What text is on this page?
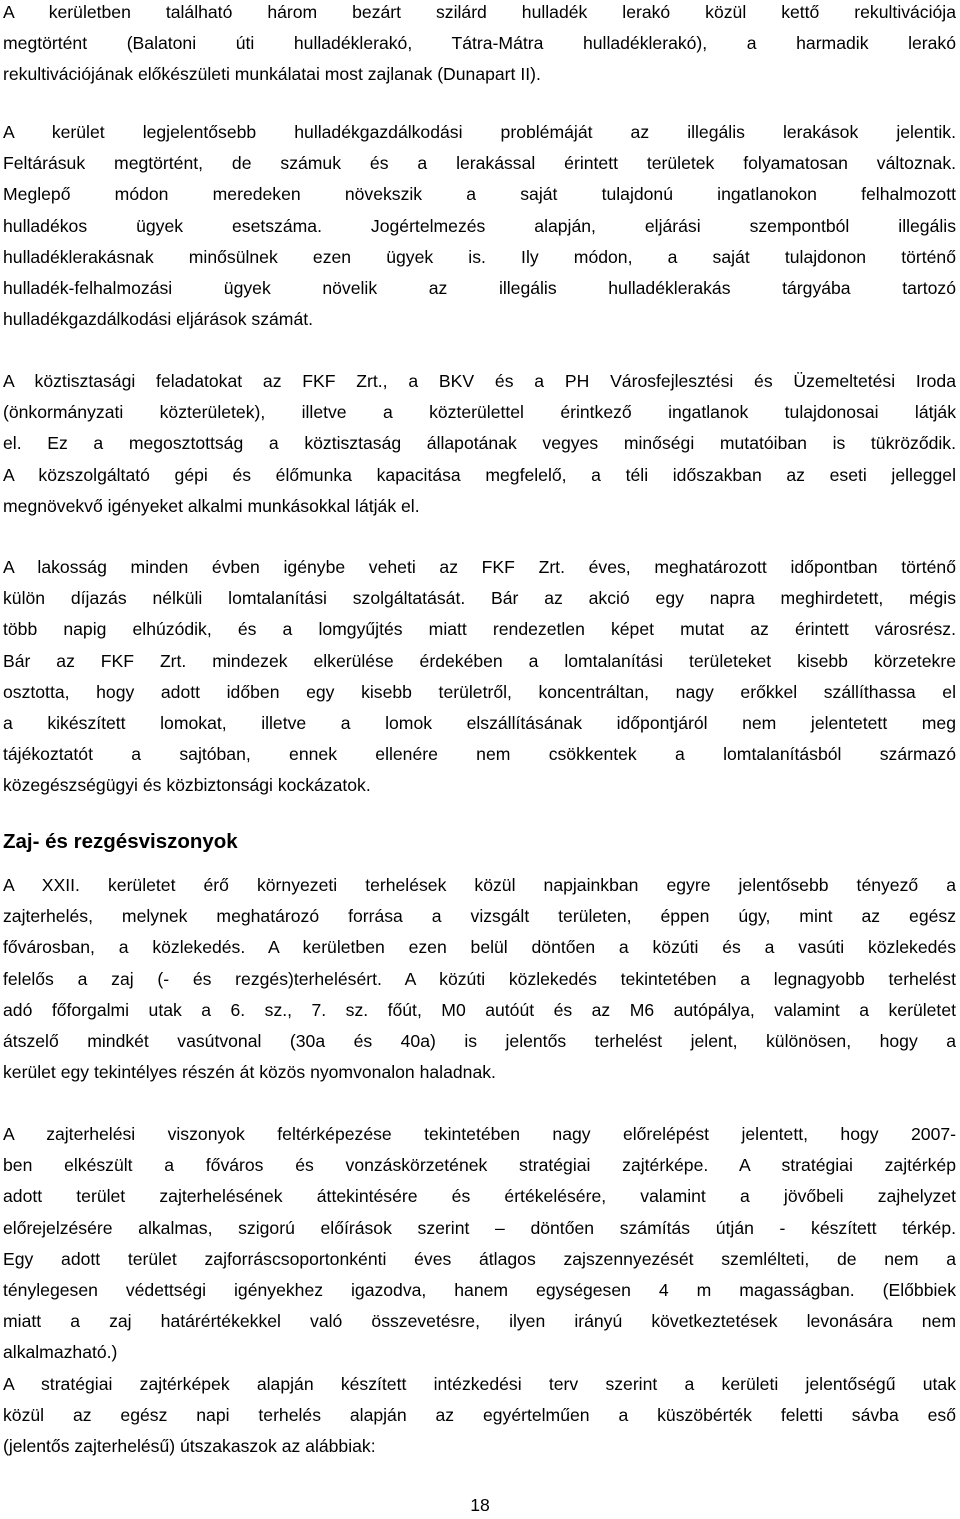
A kerületben található három bezárt szilárd hulladék lerakó közül kettő rekultivációja
megtörtént (Balatoni úti hulladéklerakó, Tátra-Mátra hulladéklerakó), a harmadik lerakó
rekultivációjának előkészületi munkálatai most zajlanak (Dunapart II).
A kerület legjelentősebb hulladékgazdálkodási problémáját az illegális lerakások jelentik.
Feltárásuk megtörtént, de számuk és a lerakással érintett területek folyamatosan változnak.
Meglepő módon meredeken növekszik a saját tulajdonú ingatlanokon felhalmozott
hulladékos ügyek esetszáma. Jogértelmezés alapján, eljárási szempontból illegális
hulladéklerakásnak minősülnek ezen ügyek is. Ily módon, a saját tulajdonon történő
hulladék-felhalmozási ügyek növelik az illegális hulladéklerakás tárgyába tartozó
hulladékgazdálkodási eljárások számát.
A köztisztasági feladatokat az FKF Zrt., a BKV és a PH Városfejlesztési és Üzemeltetési Iroda
(önkormányzati közterületek), illetve a közterülettel érintkező ingatlanok tulajdonosai látják
el. Ez a megosztottság a köztisztaság állapotának vegyes minőségi mutatóiban is tükröződik.
A közszolgáltató gépi és élőmunka kapacitása megfelelő, a téli időszakban az eseti jelleggel
megnövekvő igényeket alkalmi munkásokkal látják el.
A lakosság minden évben igénybe veheti az FKF Zrt. éves, meghatározott időpontban történő
külön díjazás nélküli lomtalanítási szolgáltatását. Bár az akció egy napra meghirdetett, mégis
több napig elhúzódik, és a lomgyűjtés miatt rendezetlen képet mutat az érintett városrész.
Bár az FKF Zrt. mindezek elkerülése érdekében a lomtalanítási területeket kisebb körzetekre
osztotta, hogy adott időben egy kisebb területről, koncentráltan, nagy erőkkel szállíthassa el
a kikészített lomokat, illetve a lomok elszállításának időpontjáról nem jelentetett meg
tájékoztatót a sajtóban, ennek ellenére nem csökkentek a lomtalanításból származó
közegészségügyi és közbiztonsági kockázatok.
Zaj- és rezgésviszonyok
A XXII. kerületet érő környezeti terhelések közül napjainkban egyre jelentősebb tényező a
zajterhelés, melynek meghatározó forrása a vizsgált területen, éppen úgy, mint az egész
fővárosban, a közlekedés. A kerületben ezen belül döntően a közúti és a vasúti közlekedés
felelős a zaj (- és rezgés)terhelésért. A közúti közlekedés tekintetében a legnagyobb terhelést
adó főforgalmi utak a 6. sz., 7. sz. főút, M0 autóút és az M6 autópálya, valamint a kerületet
átszelő mindkét vasútvonal (30a és 40a) is jelentős terhelést jelent, különösen, hogy a
kerület egy tekintélyes részén át közös nyomvonalon haladnak.
A zajterhelési viszonyok feltérképezése tekintetében nagy előrelépést jelentett, hogy 2007-
ben elkészült a főváros és vonzáskörzetének stratégiai zajtérképe. A stratégiai zajtérkép
adott terület zajterhelésének áttekintésére és értékelésére, valamint a jövőbeli zajhelyzet
előrejelzésére alkalmas, szigorú előírások szerint – döntően számítás útján - készített térkép.
Egy adott terület zajforráscsoportonkénti éves átlagos zajszennyezését szemlélteti, de nem a
ténylegesen védettségi igényekhez igazodva, hanem egységesen 4 m magasságban. (Előbbiek
miatt a zaj határértékekkel való összevetésre, ilyen irányú következtetések levonására nem
alkalmazható.)
A stratégiai zajtérképek alapján készített intézkedési terv szerint a kerületi jelentőségű utak
közül az egész napi terhelés alapján az egyértelműen a küszöbérték feletti sávba eső
(jelentős zajterhelésű) útszakaszok az alábbiak:
18
